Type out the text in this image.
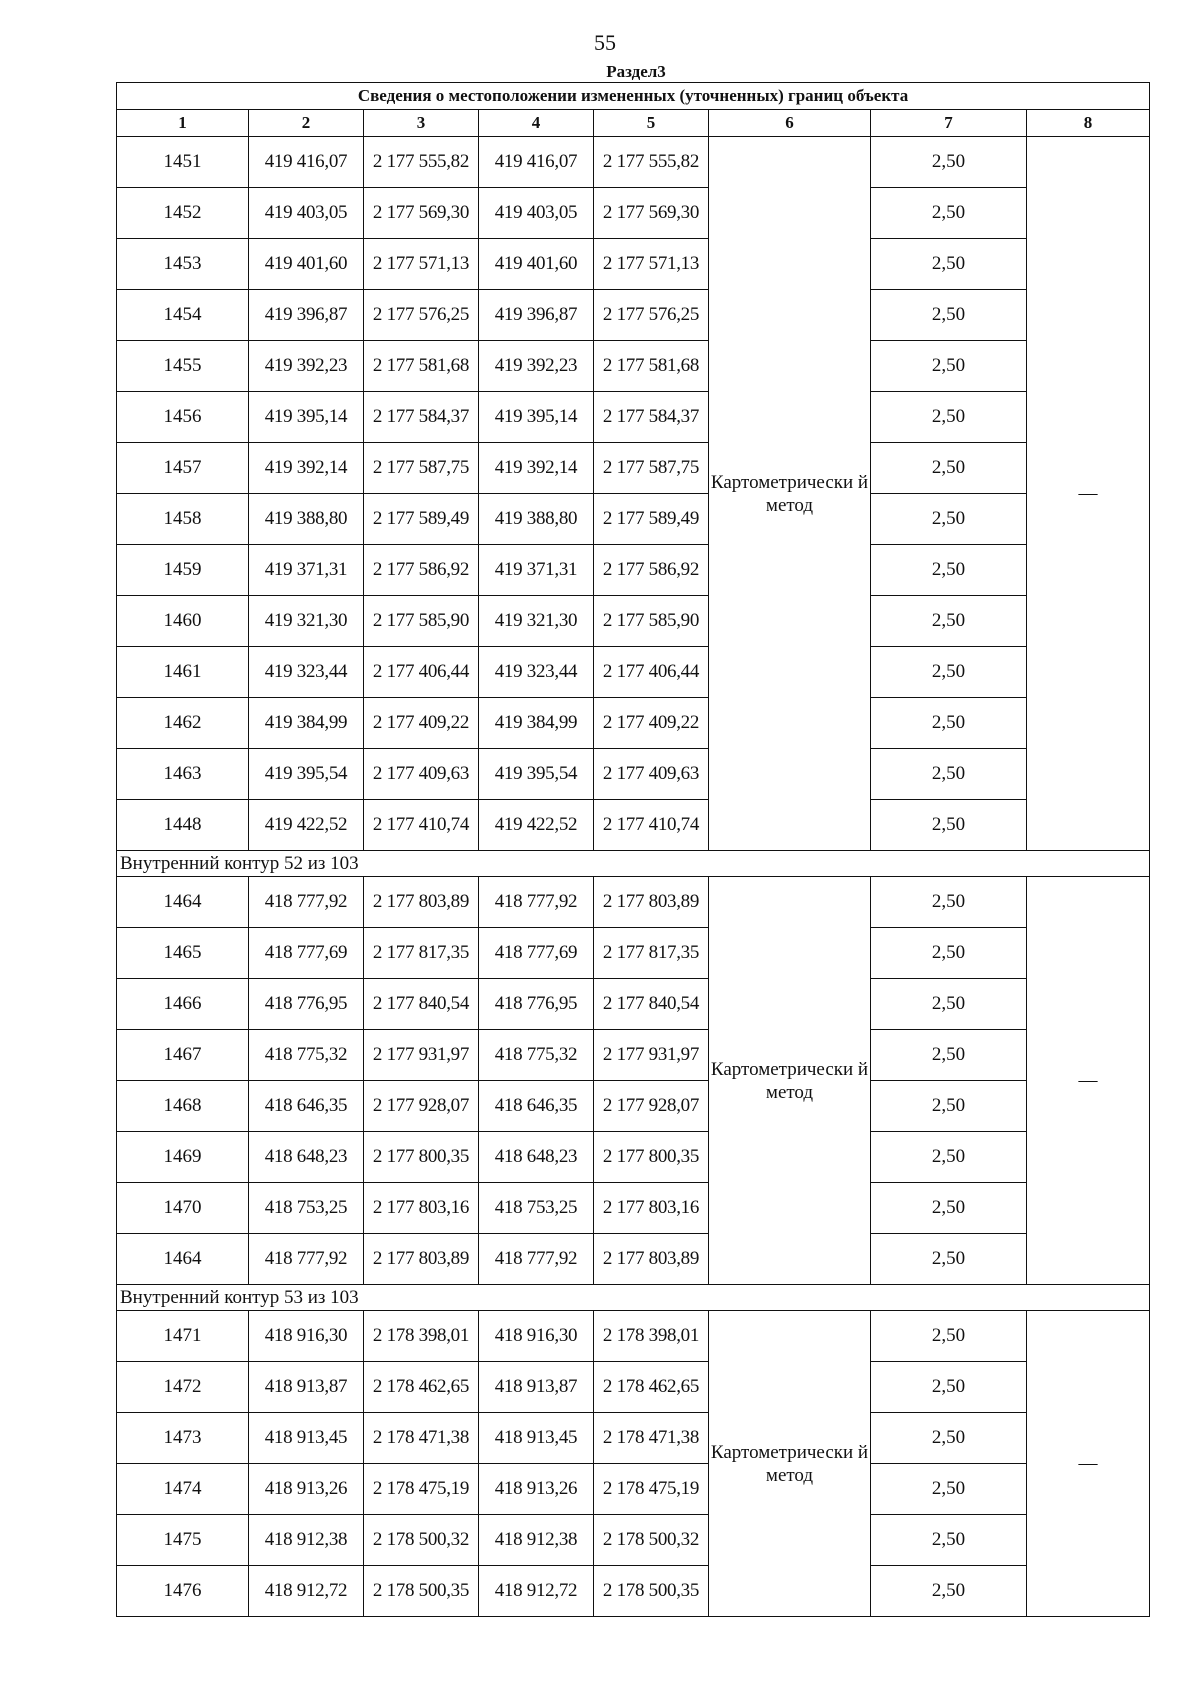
55
Раздел3
Сведения о местоположении измененных (уточненных) границ объекта							
1	2	3	4	5	6	7	8
1451	419 416,07	2 177 555,82	419 416,07	2 177 555,82	Картометрически й метод	2,50	—
1452	419 403,05	2 177 569,30	419 403,05	2 177 569,30		2,50	
1453	419 401,60	2 177 571,13	419 401,60	2 177 571,13		2,50	
1454	419 396,87	2 177 576,25	419 396,87	2 177 576,25		2,50	
1455	419 392,23	2 177 581,68	419 392,23	2 177 581,68		2,50	
1456	419 395,14	2 177 584,37	419 395,14	2 177 584,37		2,50	
1457	419 392,14	2 177 587,75	419 392,14	2 177 587,75		2,50	
1458	419 388,80	2 177 589,49	419 388,80	2 177 589,49		2,50	
1459	419 371,31	2 177 586,92	419 371,31	2 177 586,92		2,50	
1460	419 321,30	2 177 585,90	419 321,30	2 177 585,90		2,50	
1461	419 323,44	2 177 406,44	419 323,44	2 177 406,44		2,50	
1462	419 384,99	2 177 409,22	419 384,99	2 177 409,22		2,50	
1463	419 395,54	2 177 409,63	419 395,54	2 177 409,63		2,50	
1448	419 422,52	2 177 410,74	419 422,52	2 177 410,74		2,50	
Внутренний контур 52 из 103							
1464	418 777,92	2 177 803,89	418 777,92	2 177 803,89	Картометрически й метод	2,50	—
1465	418 777,69	2 177 817,35	418 777,69	2 177 817,35		2,50	
1466	418 776,95	2 177 840,54	418 776,95	2 177 840,54		2,50	
1467	418 775,32	2 177 931,97	418 775,32	2 177 931,97		2,50	
1468	418 646,35	2 177 928,07	418 646,35	2 177 928,07		2,50	
1469	418 648,23	2 177 800,35	418 648,23	2 177 800,35		2,50	
1470	418 753,25	2 177 803,16	418 753,25	2 177 803,16		2,50	
1464	418 777,92	2 177 803,89	418 777,92	2 177 803,89		2,50	
Внутренний контур 53 из 103							
1471	418 916,30	2 178 398,01	418 916,30	2 178 398,01	Картометрически й метод	2,50	—
1472	418 913,87	2 178 462,65	418 913,87	2 178 462,65		2,50	
1473	418 913,45	2 178 471,38	418 913,45	2 178 471,38		2,50	
1474	418 913,26	2 178 475,19	418 913,26	2 178 475,19		2,50	
1475	418 912,38	2 178 500,32	418 912,38	2 178 500,32		2,50	
1476	418 912,72	2 178 500,35	418 912,72	2 178 500,35		2,50	
